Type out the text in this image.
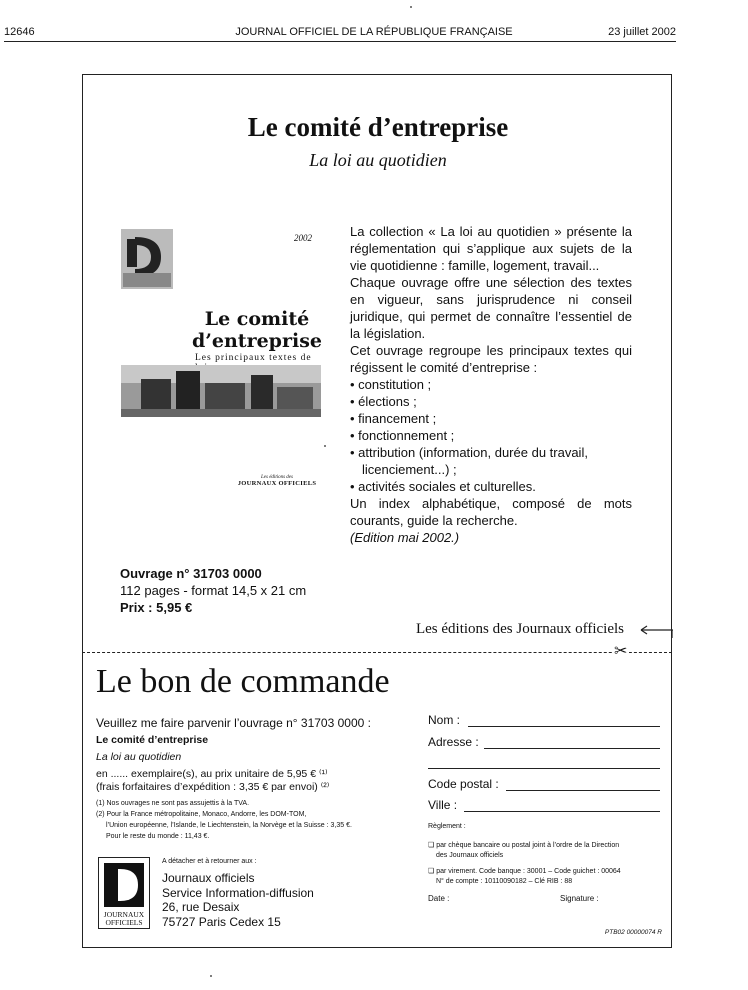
12646	JOURNAL OFFICIEL DE LA RÉPUBLIQUE FRANÇAISE	23 juillet 2002
Le comité d’entreprise
La loi au quotidien
2002
Le comité
d’entreprise
Les principaux textes de
Les éditions des
JOURNAUX OFFICIELS

La collection « La loi au quotidien » présente la réglementation qui s’applique aux sujets de la vie quotidienne : famille, logement, travail...

Chaque ouvrage offre une sélection des textes en vigueur, sans jurisprudence ni conseil juridique, qui permet de connaître l’essentiel de la législation.

Cet ouvrage regroupe les principaux textes qui régissent le comité d’entreprise :

• constitution ;
• élections ;
• financement ;
• fonctionnement ;
• attribution (information, durée du travail, licenciement...) ;
• activités sociales et culturelles.

Un index alphabétique, composé de mots courants, guide la recherche.

(Edition mai 2002.)

Ouvrage n° 31703 0000
112 pages - format 14,5 x 21 cm
Prix : 5,95 €
Les éditions des Journaux officiels
✂
Le bon de commande

Veuillez me faire parvenir l’ouvrage n° 31703 0000 :

Le comité d’entreprise

La loi au quotidien

en ...... exemplaire(s), au prix unitaire de 5,95 € ⁽¹⁾

(frais forfaitaires d’expédition : 3,35 € par envoi) ⁽²⁾

(1) Nos ouvrages ne sont pas assujettis à la TVA.

(2) Pour la France métropolitaine, Monaco, Andorre, les DOM-TOM,

l’Union européenne, l’Islande, le Liechtenstein, la Norvège et la Suisse : 3,35 €.

Pour le reste du monde : 11,43 €.

Nom :
Adresse :
Code postal :
Ville :
Règlement :
❏ par chèque bancaire ou postal joint à l’ordre de la Direction
des Journaux officiels
❏ par virement. Code banque : 30001 – Code guichet : 00064
N° de compte : 10110090182 – Clé RIB : 88
Date :	Signature :
JOURNAUX
OFFICIELS
A détacher et à retourner aux :
Journaux officiels
Service Information-diffusion
26, rue Desaix
75727 Paris Cedex 15
PTB02 00000074 R
